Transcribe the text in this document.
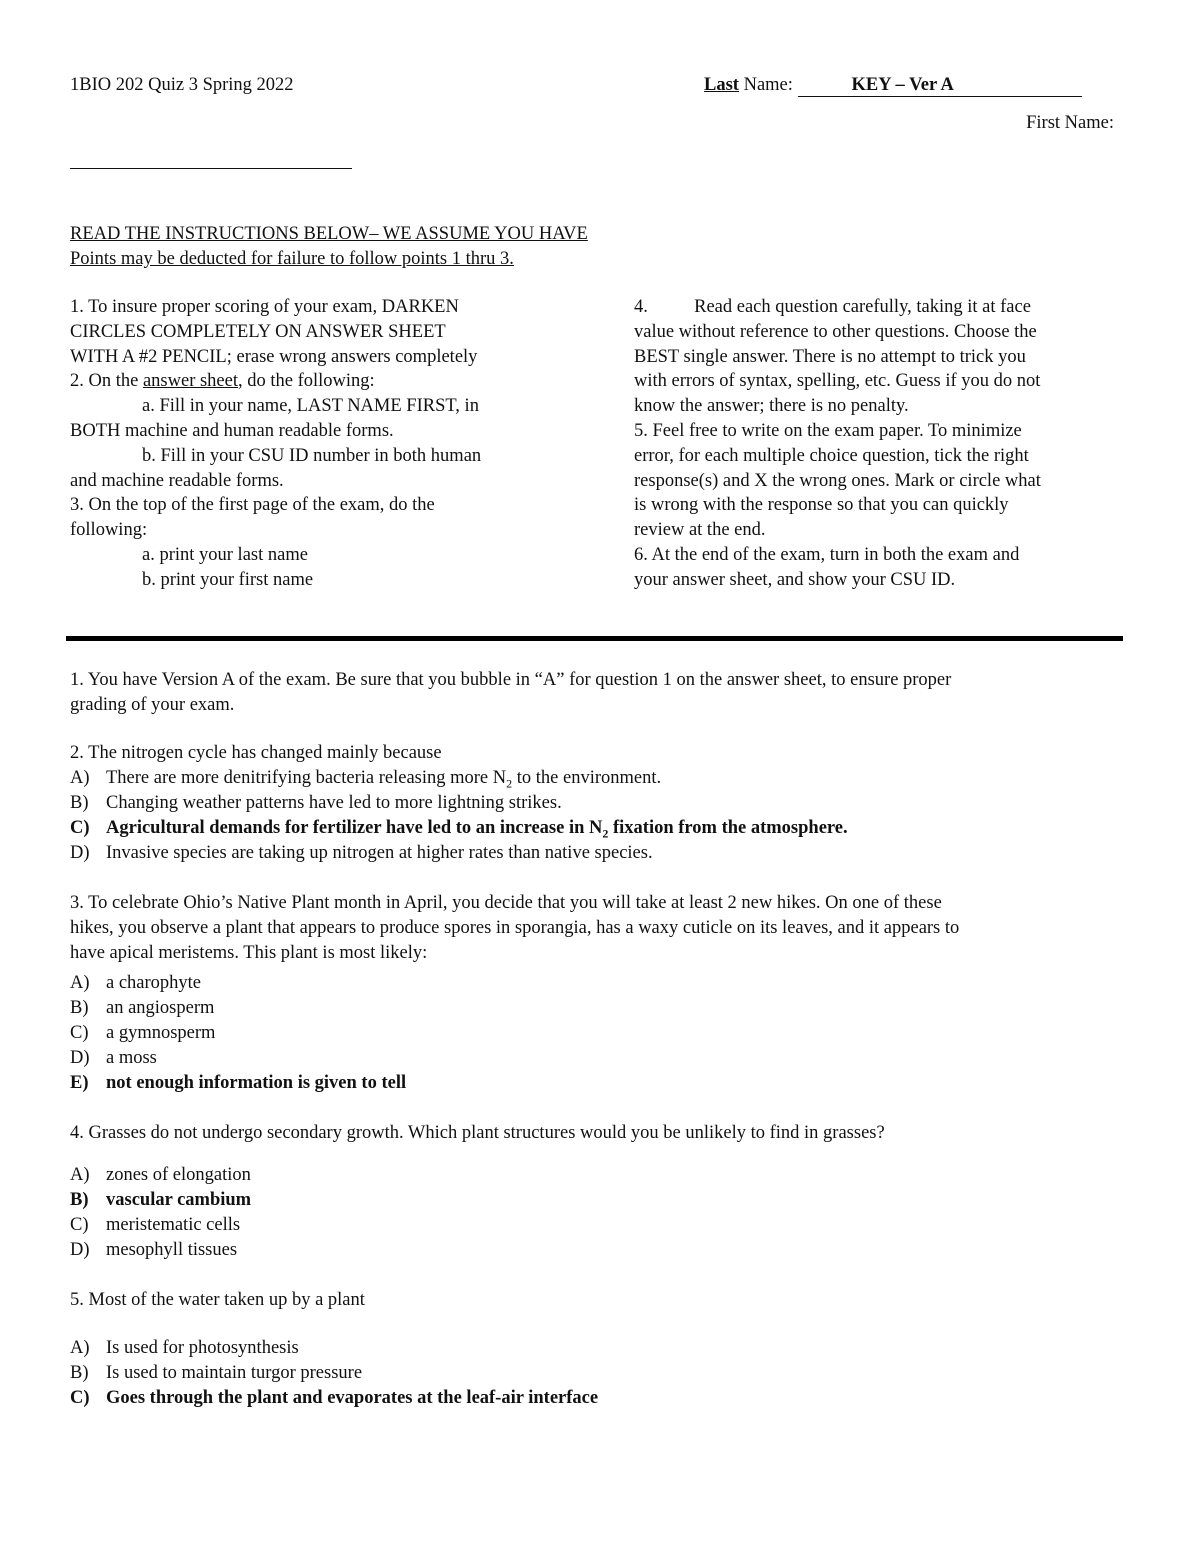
1BIO 202 Quiz 3 Spring 2022	Last Name:	KEY – Ver A
First Name:
READ THE INSTRUCTIONS BELOW– WE ASSUME YOU HAVE
Points may be deducted for failure to follow points 1 thru 3.
1. To insure proper scoring of your exam, DARKEN
CIRCLES COMPLETELY ON ANSWER SHEET
WITH A #2 PENCIL; erase wrong answers completely
2. On the answer sheet, do the following:
a. Fill in your name, LAST NAME FIRST, in
BOTH machine and human readable forms.
b. Fill in your CSU ID number in both human
and machine readable forms.
3. On the top of the first page of the exam, do the
following:
a. print your last name
b. print your first name
4.          Read each question carefully, taking it at face
value without reference to other questions. Choose the
BEST single answer. There is no attempt to trick you
with errors of syntax, spelling, etc. Guess if you do not
know the answer; there is no penalty.
5. Feel free to write on the exam paper. To minimize
error, for each multiple choice question, tick the right
response(s) and X the wrong ones. Mark or circle what
is wrong with the response so that you can quickly
review at the end.
6. At the end of the exam, turn in both the exam and
your answer sheet, and show your CSU ID.
1. You have Version A of the exam. Be sure that you bubble in “A” for question 1 on the answer sheet, to ensure proper
grading of your exam.
2. The nitrogen cycle has changed mainly because
A) There are more denitrifying bacteria releasing more $N_2$ to the environment.
B) Changing weather patterns have led to more lightning strikes.
C) Agricultural demands for fertilizer have led to an increase in $N_2$ fixation from the atmosphere.
D) Invasive species are taking up nitrogen at higher rates than native species.
3. To celebrate Ohio’s Native Plant month in April, you decide that you will take at least 2 new hikes. On one of these
hikes, you observe a plant that appears to produce spores in sporangia, has a waxy cuticle on its leaves, and it appears to
have apical meristems. This plant is most likely:
A) a charophyte
B) an angiosperm
C) a gymnosperm
D) a moss
E) not enough information is given to tell
4. Grasses do not undergo secondary growth. Which plant structures would you be unlikely to find in grasses?
A) zones of elongation
B) vascular cambium
C) meristematic cells
D) mesophyll tissues
5. Most of the water taken up by a plant
A) Is used for photosynthesis
B) Is used to maintain turgor pressure
C) Goes through the plant and evaporates at the leaf-air interface
